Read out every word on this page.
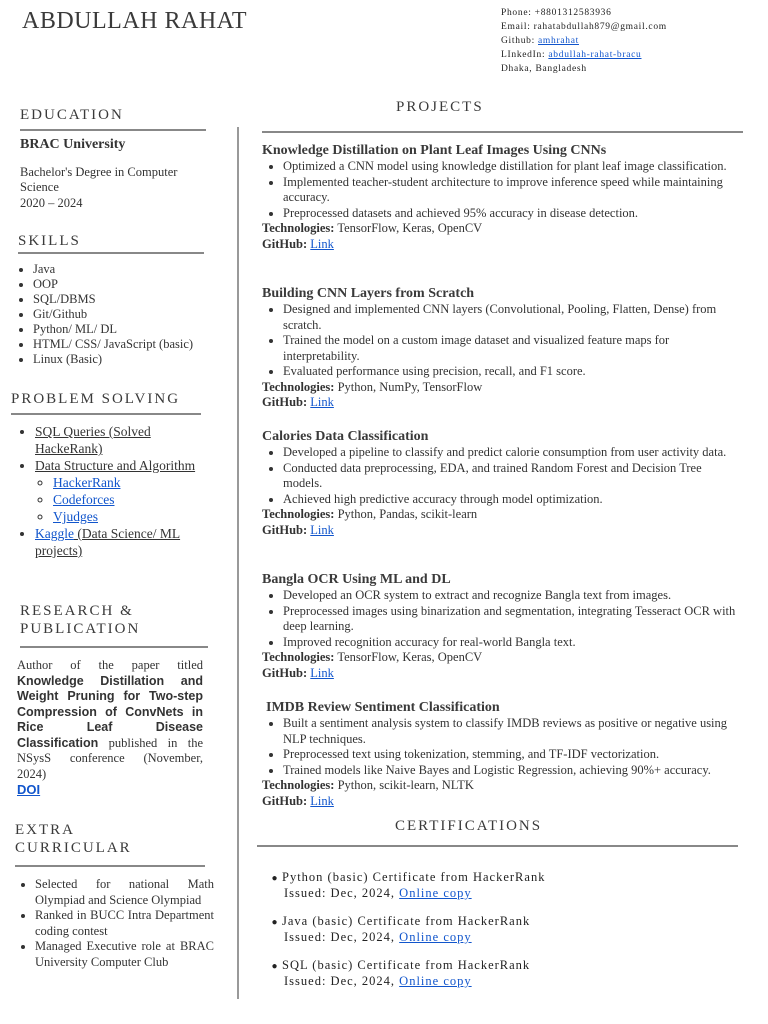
ABDULLAH RAHAT	Phone: +8801312583936
Email: rahatabdullah879@gmail.com
Github: amhrahat
LInkedIn: abdullah-rahat-bracu
Dhaka, Bangladesh
EDUCATION
BRAC University
Bachelor's Degree in Computer Science
2020 – 2024
SKILLS
• Java
• OOP
• SQL/DBMS
• Git/Github
• Python/ ML/ DL
• HTML/ CSS/ JavaScript (basic)
• Linux (Basic)
PROBLEM SOLVING
• SQL Queries (Solved HackeRank)
• Data Structure and Algorithm
◦ HackerRank
◦ Codeforces
◦ Vjudges
• Kaggle (Data Science/ ML projects)
RESEARCH &
PUBLICATION
Author of the paper titled Knowledge Distillation and Weight Pruning for Two-step Compression of ConvNets in Rice Leaf Disease Classification published in the NSysS conference (November, 2024)
DOI
EXTRA
CURRICULAR
• Selected for national Math Olympiad and Science Olympiad
• Ranked in BUCC Intra Department coding contest
• Managed Executive role at BRAC University Computer Club
PROJECTS
Knowledge Distillation on Plant Leaf Images Using CNNs
• Optimized a CNN model using knowledge distillation for plant leaf image classification.
• Implemented teacher-student architecture to improve inference speed while maintaining accuracy.
• Preprocessed datasets and achieved 95% accuracy in disease detection.
Technologies: TensorFlow, Keras, OpenCV
GitHub: Link
Building CNN Layers from Scratch
• Designed and implemented CNN layers (Convolutional, Pooling, Flatten, Dense) from scratch.
• Trained the model on a custom image dataset and visualized feature maps for interpretability.
• Evaluated performance using precision, recall, and F1 score.
Technologies: Python, NumPy, TensorFlow
GitHub: Link
Calories Data Classification
• Developed a pipeline to classify and predict calorie consumption from user activity data.
• Conducted data preprocessing, EDA, and trained Random Forest and Decision Tree models.
• Achieved high predictive accuracy through model optimization.
Technologies: Python, Pandas, scikit-learn
GitHub: Link
Bangla OCR Using ML and DL
• Developed an OCR system to extract and recognize Bangla text from images.
• Preprocessed images using binarization and segmentation, integrating Tesseract OCR with deep learning.
• Improved recognition accuracy for real-world Bangla text.
Technologies: TensorFlow, Keras, OpenCV
GitHub: Link
IMDB Review Sentiment Classification
• Built a sentiment analysis system to classify IMDB reviews as positive or negative using NLP techniques.
• Preprocessed text using tokenization, stemming, and TF-IDF vectorization.
• Trained models like Naive Bayes and Logistic Regression, achieving 90%+ accuracy.
Technologies: Python, scikit-learn, NLTK
GitHub: Link
CERTIFICATIONS
● Python (basic) Certificate from HackerRank
Issued: Dec, 2024, Online copy
● Java (basic) Certificate from HackerRank
Issued: Dec, 2024, Online copy
● SQL (basic) Certificate from HackerRank
Issued: Dec, 2024, Online copy
